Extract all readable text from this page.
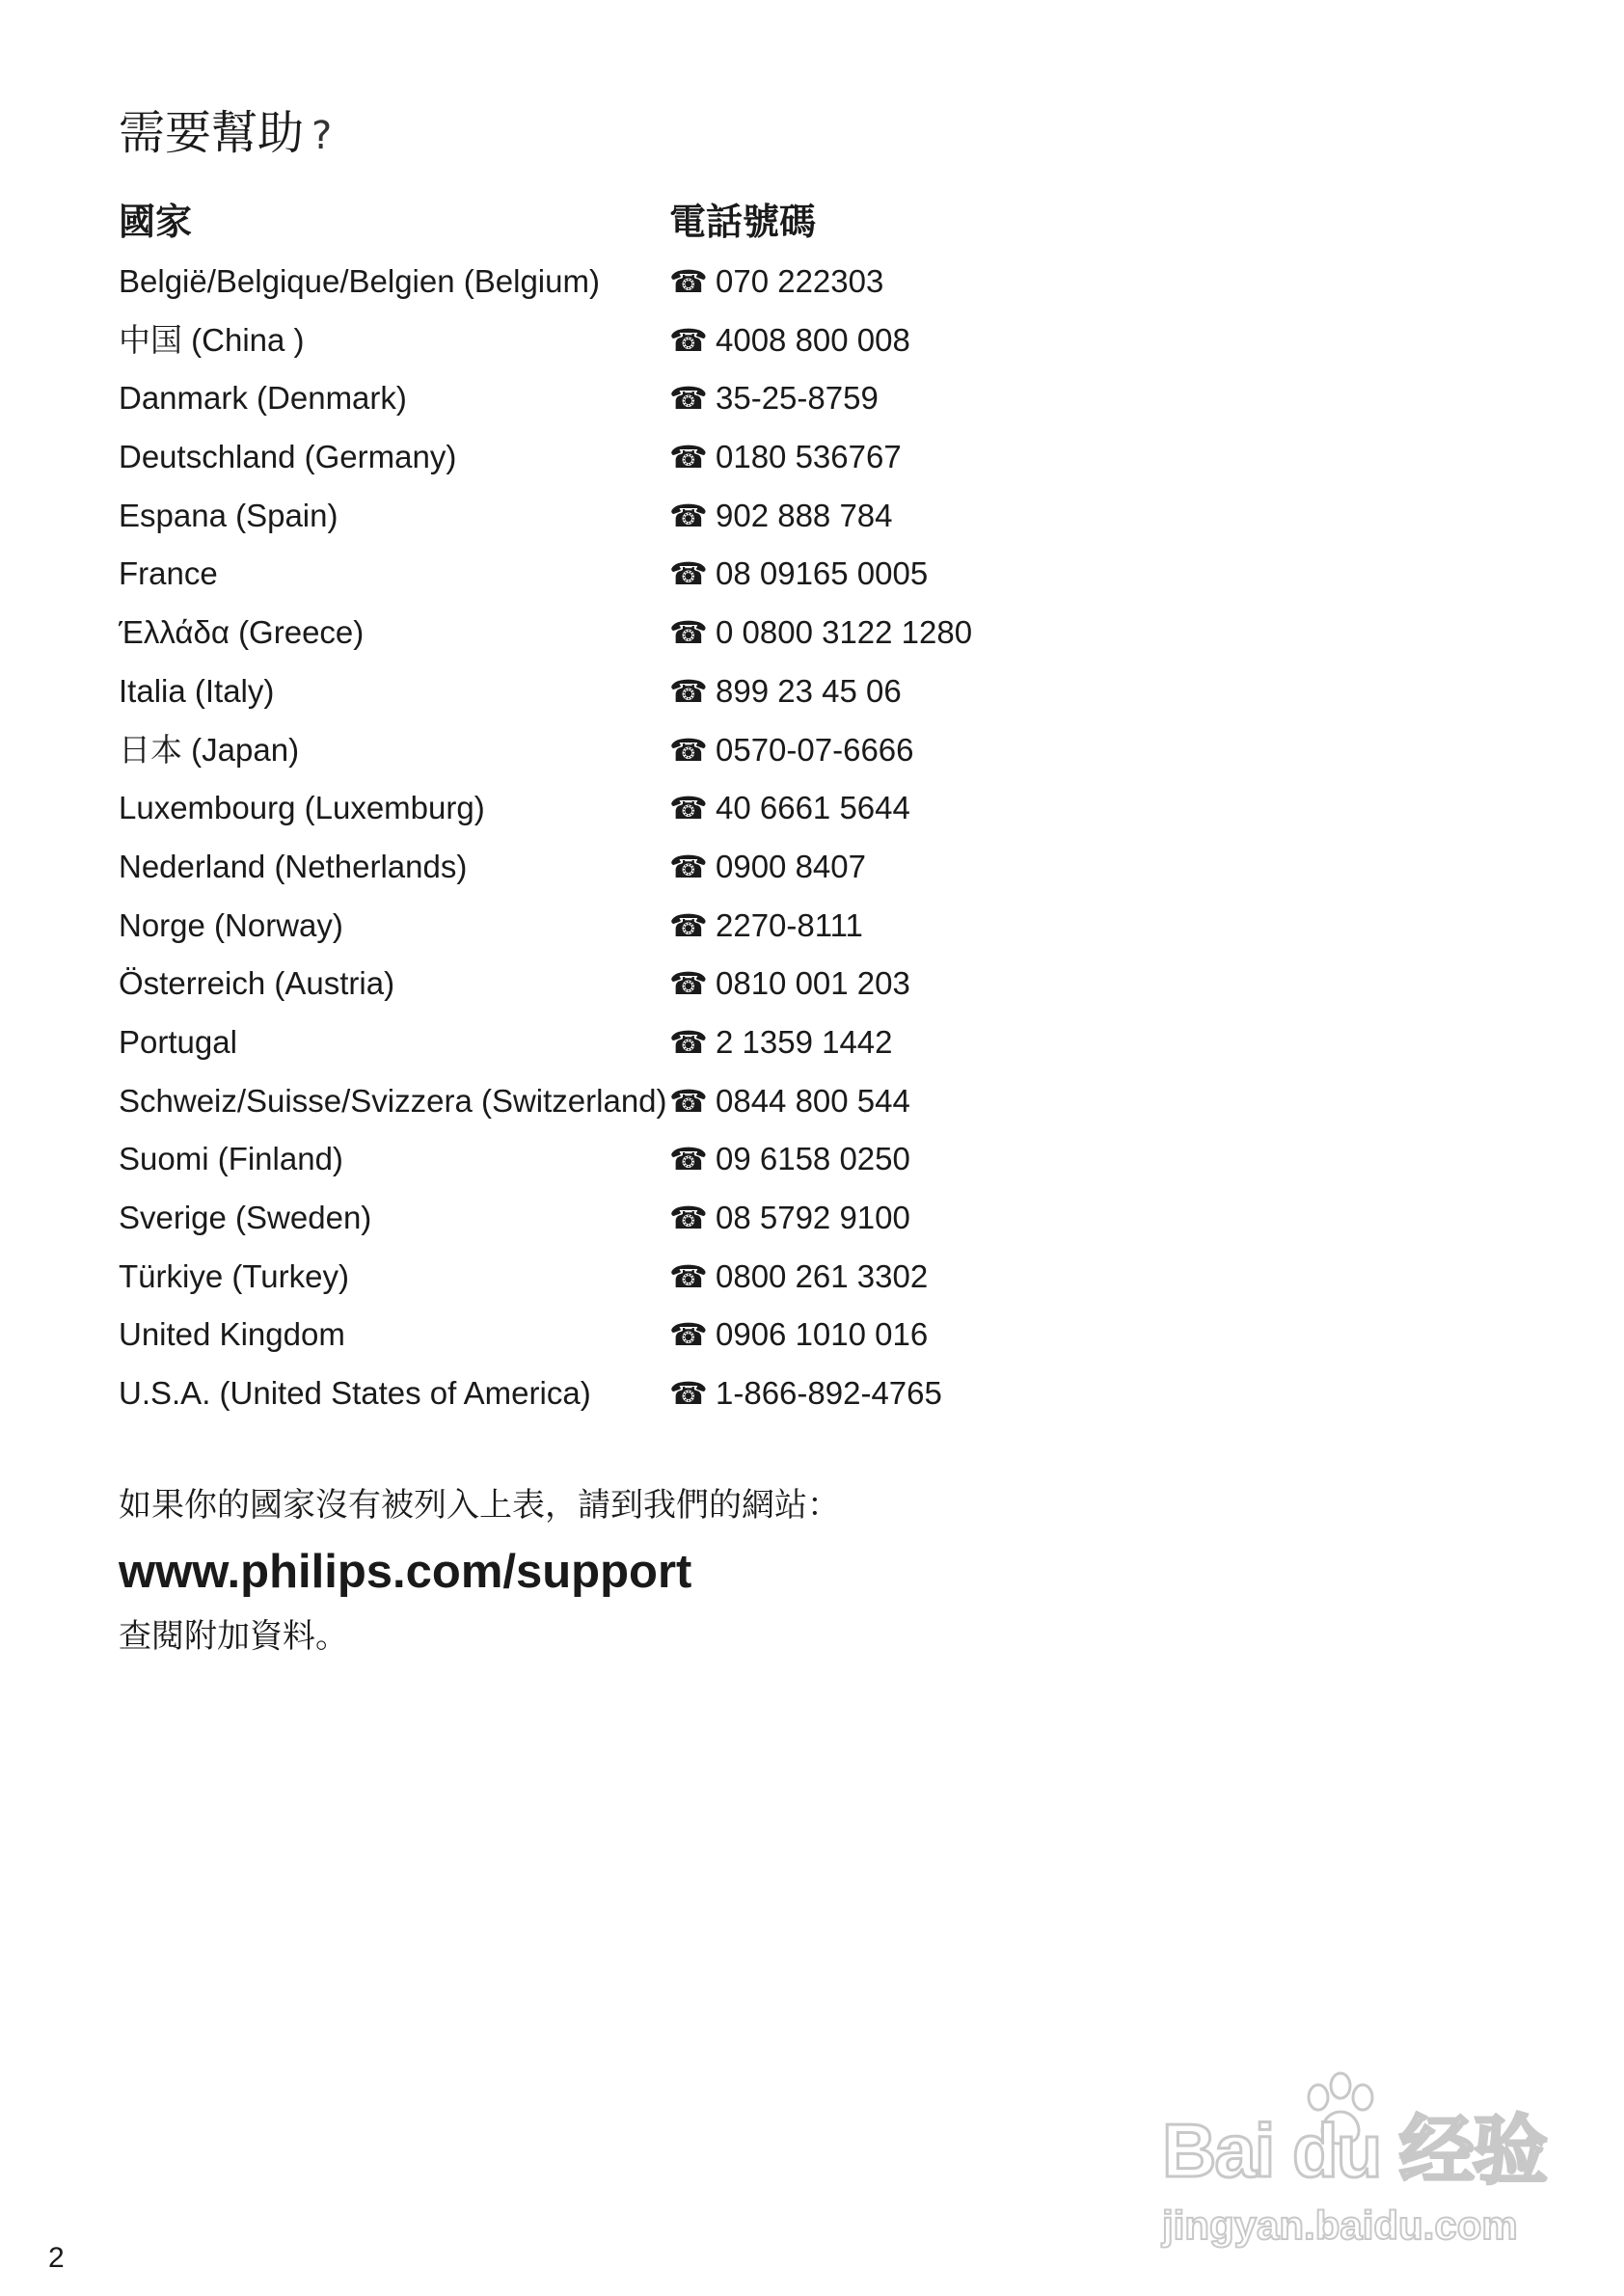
需要幫助 ?
國家	電話號碼
België/Belgique/Belgien (Belgium) ☎ 070 222303
中国 (China )	☎ 4008 800 008
Danmark (Denmark)	☎ 35-25-8759
Deutschland (Germany)	☎ 0180 536767
Espana (Spain)	☎ 902 888 784
France	☎ 08 09165 0005
Έλλάδα (Greece)	☎ 0 0800 3122 1280
Italia (Italy)	☎ 899 23 45 06
日本 (Japan)	☎ 0570-07-6666
Luxembourg (Luxemburg)	☎ 40 6661 5644
Nederland (Netherlands)	☎ 0900 8407
Norge (Norway)	☎ 2270-8111
Österreich (Austria)	☎ 0810 001 203
Portugal	☎ 2 1359 1442
Schweiz/Suisse/Svizzera (Switzerland) ☎ 0844 800 544
Suomi (Finland)	☎ 09 6158 0250
Sverige (Sweden)	☎ 08 5792 9100
Türkiye (Turkey)	☎ 0800 261 3302
United Kingdom	☎ 0906 1010 016
U.S.A. (United States of America)	☎ 1-866-892-4765

如果你的國家沒有被列入上表，請到我們的網站：

www.philips.com/support

查閱附加資料。

2
Bai du 经验
jingyan.baidu.com
